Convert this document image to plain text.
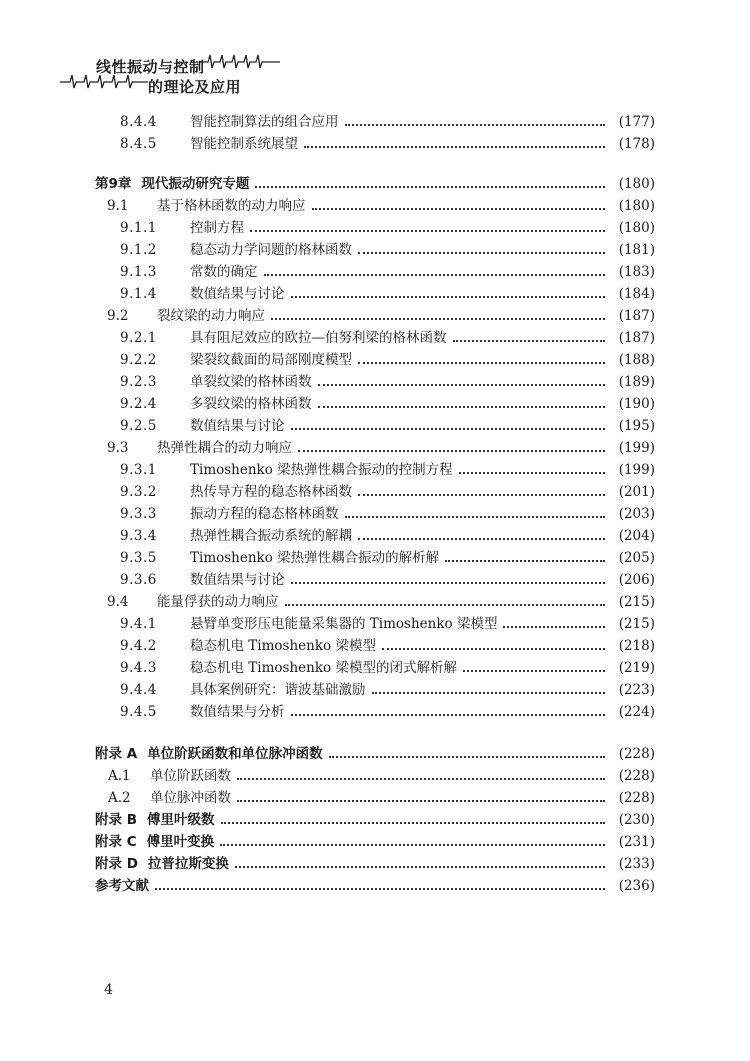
线性振动与控制
的理论及应用
8.4.4	智能控制算法的组合应用	(177)
8.4.5	智能控制系统展望	(178)
第9章 现代振动研究专题	(180)
9.1	基于格林函数的动力响应	(180)
9.1.1	控制方程	(180)
9.1.2	稳态动力学问题的格林函数	(181)
9.1.3	常数的确定	(183)
9.1.4	数值结果与讨论	(184)
9.2	裂纹梁的动力响应	(187)
9.2.1	具有阻尼效应的欧拉—伯努利梁的格林函数	(187)
9.2.2	梁裂纹截面的局部刚度模型	(188)
9.2.3	单裂纹梁的格林函数	(189)
9.2.4	多裂纹梁的格林函数	(190)
9.2.5	数值结果与讨论	(195)
9.3	热弹性耦合的动力响应	(199)
9.3.1	Timoshenko 梁热弹性耦合振动的控制方程	(199)
9.3.2	热传导方程的稳态格林函数	(201)
9.3.3	振动方程的稳态格林函数	(203)
9.3.4	热弹性耦合振动系统的解耦	(204)
9.3.5	Timoshenko 梁热弹性耦合振动的解析解	(205)
9.3.6	数值结果与讨论	(206)
9.4	能量俘获的动力响应	(215)
9.4.1	悬臂单变形压电能量采集器的 Timoshenko 梁模型	(215)
9.4.2	稳态机电 Timoshenko 梁模型	(218)
9.4.3	稳态机电 Timoshenko 梁模型的闭式解析解	(219)
9.4.4	具体案例研究：谐波基础激励	(223)
9.4.5	数值结果与分析	(224)
附录 A 单位阶跃函数和单位脉冲函数	(228)
A.1	单位阶跃函数	(228)
A.2	单位脉冲函数	(228)
附录 B 傅里叶级数	(230)
附录 C 傅里叶变换	(231)
附录 D 拉普拉斯变换	(233)
参考文献	(236)
4
